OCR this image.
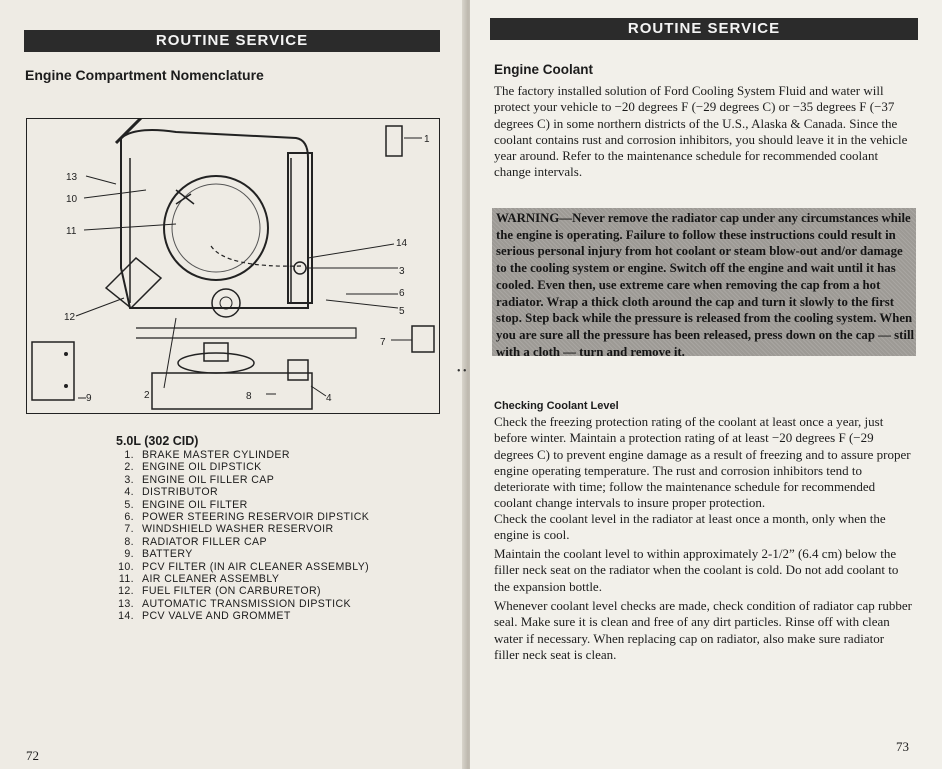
ROUTINE SERVICE
Engine Compartment Nomenclature
1
2
3
4
5
6
7
8
9
10
11
12
13
14
5.0L (302 CID)
1. BRAKE MASTER CYLINDER
2. ENGINE OIL DIPSTICK
3. ENGINE OIL FILLER CAP
4. DISTRIBUTOR
5. ENGINE OIL FILTER
6. POWER STEERING RESERVOIR DIPSTICK
7. WINDSHIELD WASHER RESERVOIR
8. RADIATOR FILLER CAP
9. BATTERY
10. PCV FILTER (IN AIR CLEANER ASSEMBLY)
11. AIR CLEANER ASSEMBLY
12. FUEL FILTER (ON CARBURETOR)
13. AUTOMATIC TRANSMISSION DIPSTICK
14. PCV VALVE AND GROMMET
72
• •
ROUTINE SERVICE
Engine Coolant

The factory installed solution of Ford Cooling System Fluid and water will protect your vehicle to −20 degrees F (−29 degrees C) or −35 degrees F (−37 degrees C) in some northern districts of the U.S., Alaska & Canada. Since the coolant contains rust and corrosion inhibitors, you should leave it in the vehicle year around. Refer to the maintenance schedule for recommended coolant change intervals.

WARNING—Never remove the radiator cap under any circumstances while the engine is operating. Failure to follow these instructions could result in serious personal injury from hot coolant or steam blow-out and/or damage to the cooling system or engine. Switch off the engine and wait until it has cooled. Even then, use extreme care when removing the cap from a hot radiator. Wrap a thick cloth around the cap and turn it slowly to the first stop. Step back while the pressure is released from the cooling system. When you are sure all the pressure has been released, press down on the cap — still with a cloth — turn and remove it.

Checking Coolant Level

Check the freezing protection rating of the coolant at least once a year, just before winter. Maintain a protection rating of at least −20 degrees F (−29 degrees C) to prevent engine damage as a result of freezing and to assure proper engine operating temperature. The rust and corrosion inhibitors tend to deteriorate with time; follow the maintenance schedule for recommended coolant change intervals to insure proper protection.

Check the coolant level in the radiator at least once a month, only when the engine is cool.

Maintain the coolant level to within approximately 2-1/2” (6.4 cm) below the filler neck seat on the radiator when the coolant is cold. Do not add coolant to the expansion bottle.

Whenever coolant level checks are made, check condition of radiator cap rubber seal. Make sure it is clean and free of any dirt particles. Rinse off with clean water if necessary. When replacing cap on radiator, also make sure radiator filler neck seat is clean.

73
